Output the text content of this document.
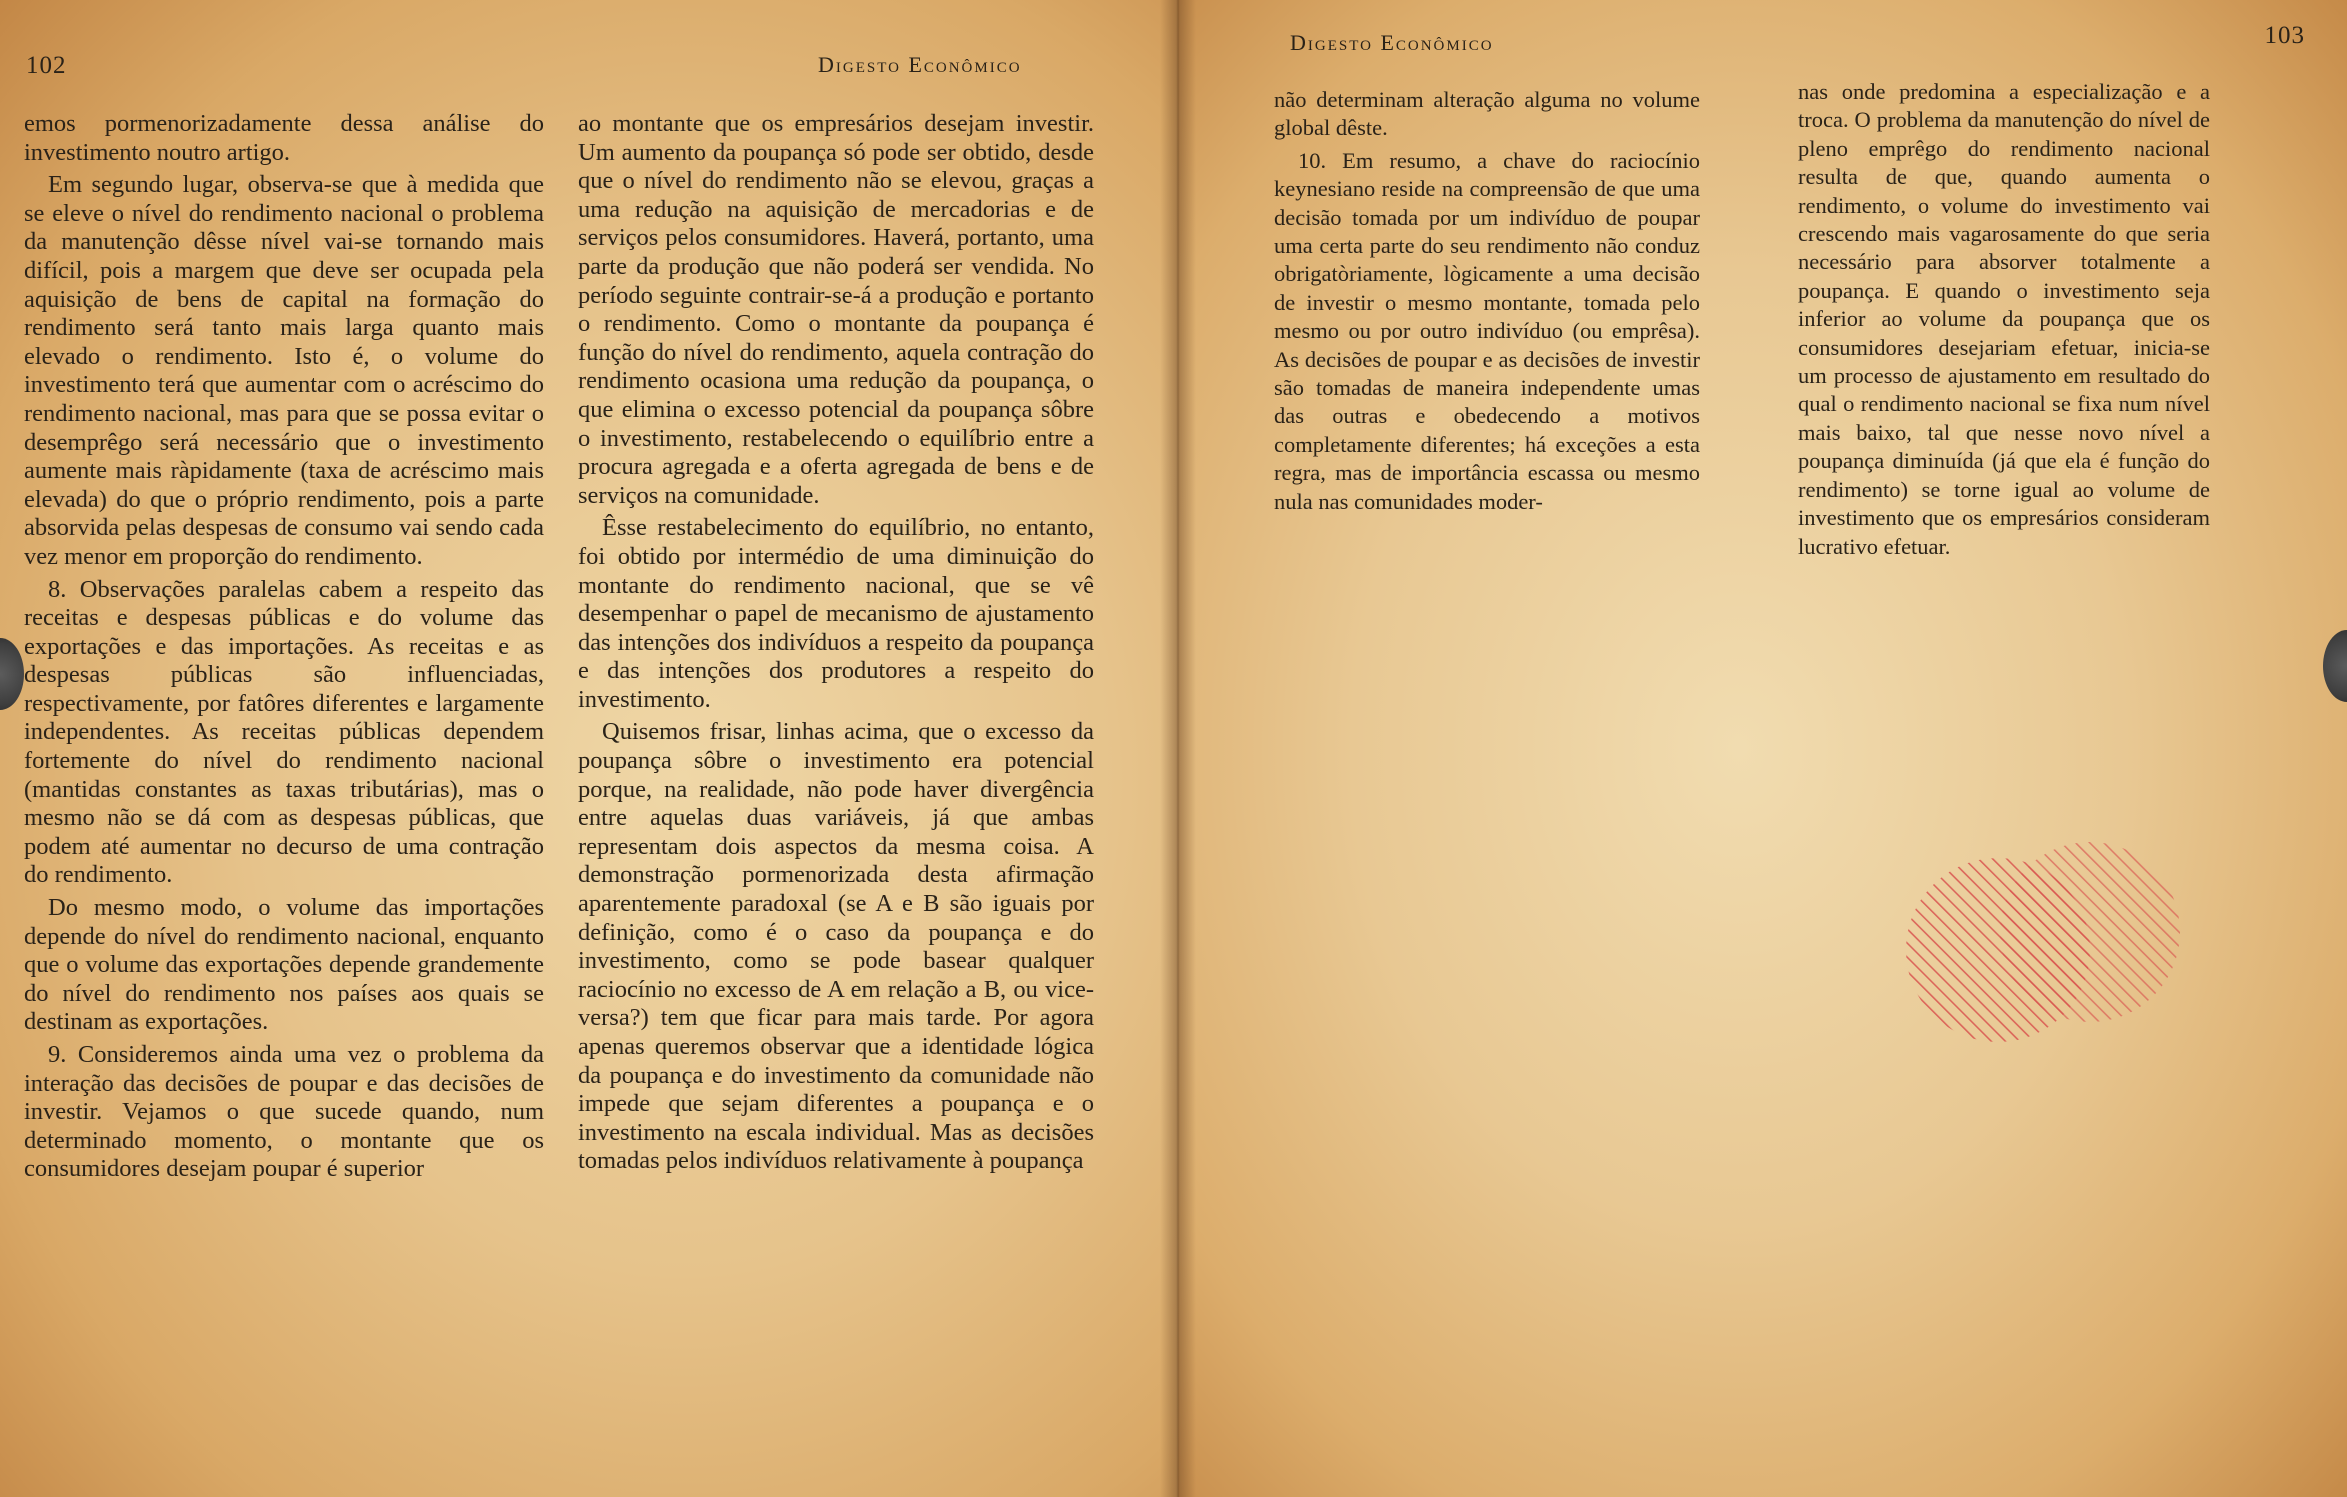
102	Digesto Econômico

emos pormenorizadamente dessa análise do investimento noutro artigo.

Em segundo lugar, observa-se que à medida que se eleve o nível do rendimento nacional o problema da manutenção dêsse nível vai-se tornando mais difícil, pois a margem que deve ser ocupada pela aquisição de bens de capital na formação do rendimento será tanto mais larga quanto mais elevado o rendimento. Isto é, o volume do investimento terá que aumentar com o acréscimo do rendimento nacional, mas para que se possa evitar o desemprêgo será necessário que o investimento aumente mais ràpidamente (taxa de acréscimo mais elevada) do que o próprio rendimento, pois a parte absorvida pelas despesas de consumo vai sendo cada vez menor em proporção do rendimento.

8. Observações paralelas cabem a respeito das receitas e despesas públicas e do volume das exportações e das importações. As receitas e as despesas públicas são influenciadas, respectivamente, por fatôres diferentes e largamente independentes. As receitas públicas dependem fortemente do nível do rendimento nacional (mantidas constantes as taxas tributárias), mas o mesmo não se dá com as despesas públicas, que podem até aumentar no decurso de uma contração do rendimento.

Do mesmo modo, o volume das importações depende do nível do rendimento nacional, enquanto que o volume das exportações depende grandemente do nível do rendimento nos países aos quais se destinam as exportações.

9. Consideremos ainda uma vez o problema da interação das decisões de poupar e das decisões de investir. Vejamos o que sucede quando, num determinado momento, o montante que os consumidores desejam poupar é superior

ao montante que os empresários desejam investir. Um aumento da poupança só pode ser obtido, desde que o nível do rendimento não se elevou, graças a uma redução na aquisição de mercadorias e de serviços pelos consumidores. Haverá, portanto, uma parte da produção que não poderá ser vendida. No período seguinte contrair-se-á a produção e portanto o rendimento. Como o montante da poupança é função do nível do rendimento, aquela contração do rendimento ocasiona uma redução da poupança, o que elimina o excesso potencial da poupança sôbre o investimento, restabelecendo o equilíbrio entre a procura agregada e a oferta agregada de bens e de serviços na comunidade.

Êsse restabelecimento do equilíbrio, no entanto, foi obtido por intermédio de uma diminuição do montante do rendimento nacional, que se vê desempenhar o papel de mecanismo de ajustamento das intenções dos indivíduos a respeito da poupança e das intenções dos produtores a respeito do investimento.

Quisemos frisar, linhas acima, que o excesso da poupança sôbre o investimento era potencial porque, na realidade, não pode haver divergência entre aquelas duas variáveis, já que ambas representam dois aspectos da mesma coisa. A demonstração pormenorizada desta afirmação aparentemente paradoxal (se A e B são iguais por definição, como é o caso da poupança e do investimento, como se pode basear qualquer raciocínio no excesso de A em relação a B, ou vice-versa?) tem que ficar para mais tarde. Por agora apenas queremos observar que a identidade lógica da poupança e do investimento da comunidade não impede que sejam diferentes a poupança e o investimento na escala individual. Mas as decisões tomadas pelos indivíduos relativamente à poupança

Digesto Econômico	103

não determinam alteração alguma no volume global dêste.

10. Em resumo, a chave do raciocínio keynesiano reside na compreensão de que uma decisão tomada por um indivíduo de poupar uma certa parte do seu rendimento não conduz obrigatòriamente, lògicamente a uma decisão de investir o mesmo montante, tomada pelo mesmo ou por outro indivíduo (ou emprêsa). As decisões de poupar e as decisões de investir são tomadas de maneira independente umas das outras e obedecendo a motivos completamente diferentes; há exceções a esta regra, mas de importância escassa ou mesmo nula nas comunidades moder-

nas onde predomina a especialização e a troca. O problema da manutenção do nível de pleno emprêgo do rendimento nacional resulta de que, quando aumenta o rendimento, o volume do investimento vai crescendo mais vagarosamente do que seria necessário para absorver totalmente a poupança. E quando o investimento seja inferior ao volume da poupança que os consumidores desejariam efetuar, inicia-se um processo de ajustamento em resultado do qual o rendimento nacional se fixa num nível mais baixo, tal que nesse novo nível a poupança diminuída (já que ela é função do rendimento) se torne igual ao volume de investimento que os empresários consideram lucrativo efetuar.
